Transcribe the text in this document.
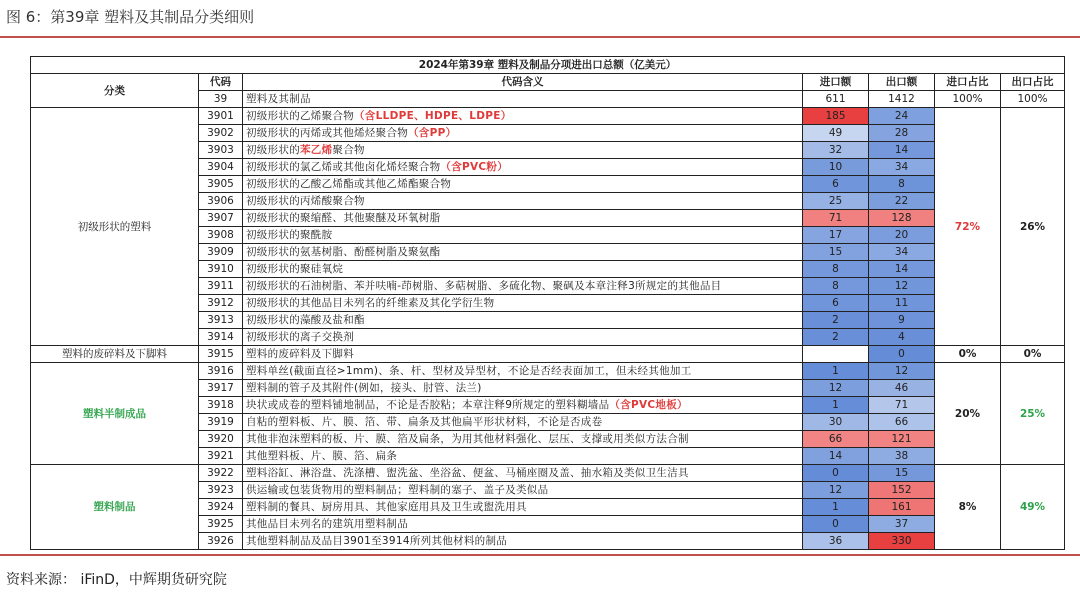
图 6：第39章 塑料及其制品分类细则
2024年第39章 塑料及制品分项进出口总额（亿美元）						
分类	代码	代码含义	进口额	出口额	进口占比	出口占比
	39	塑料及其制品	611	1412	100%	100%
初级形状的塑料	3901	初级形状的乙烯聚合物（含LLDPE、HDPE、LDPE）	185	24	72%	26%
	3902	初级形状的丙烯或其他烯烃聚合物（含PP）	49	28		
	3903	初级形状的苯乙烯聚合物	32	14		
	3904	初级形状的氯乙烯或其他卤化烯烃聚合物（含PVC粉）	10	34		
	3905	初级形状的乙酸乙烯酯或其他乙烯酯聚合物	6	8		
	3906	初级形状的丙烯酸聚合物	25	22		
	3907	初级形状的聚缩醛、其他聚醚及环氧树脂	71	128		
	3908	初级形状的聚酰胺	17	20		
	3909	初级形状的氨基树脂、酚醛树脂及聚氨酯	15	34		
	3910	初级形状的聚硅氧烷	8	14		
	3911	初级形状的石油树脂、苯并呋喃-茚树脂、多萜树脂、多硫化物、聚砜及本章注释3所规定的其他品目	8	12		
	3912	初级形状的其他品目未列名的纤维素及其化学衍生物	6	11		
	3913	初级形状的藻酸及盐和酯	2	9		
	3914	初级形状的离子交换剂	2	4		
塑料的废碎料及下脚料	3915	塑料的废碎料及下脚料		0	0%	0%
塑料半制成品	3916	塑料单丝(截面直径>1mm)、条、杆、型材及异型材，不论是否经表面加工，但未经其他加工	1	12	20%	25%
	3917	塑料制的管子及其附件(例如，接头、肘管、法兰)	12	46		
	3918	块状或成卷的塑料铺地制品，不论是否胶粘；本章注释9所规定的塑料糊墙品（含PVC地板）	1	71		
	3919	自粘的塑料板、片、膜、箔、带、扁条及其他扁平形状材料，不论是否成卷	30	66		
	3920	其他非泡沫塑料的板、片、膜、箔及扁条，为用其他材料强化、层压、支撑或用类似方法合制	66	121		
	3921	其他塑料板、片、膜、箔、扁条	14	38		
塑料制品	3922	塑料浴缸、淋浴盘、洗涤槽、盥洗盆、坐浴盆、便盆、马桶座圈及盖、抽水箱及类似卫生洁具	0	15	8%	49%
	3923	供运输或包装货物用的塑料制品；塑料制的塞子、盖子及类似品	12	152		
	3924	塑料制的餐具、厨房用具、其他家庭用具及卫生或盥洗用具	1	161		
	3925	其他品目未列名的建筑用塑料制品	0	37		
	3926	其他塑料制品及品目3901至3914所列其他材料的制品	36	330		
资料来源： iFinD，中辉期货研究院
